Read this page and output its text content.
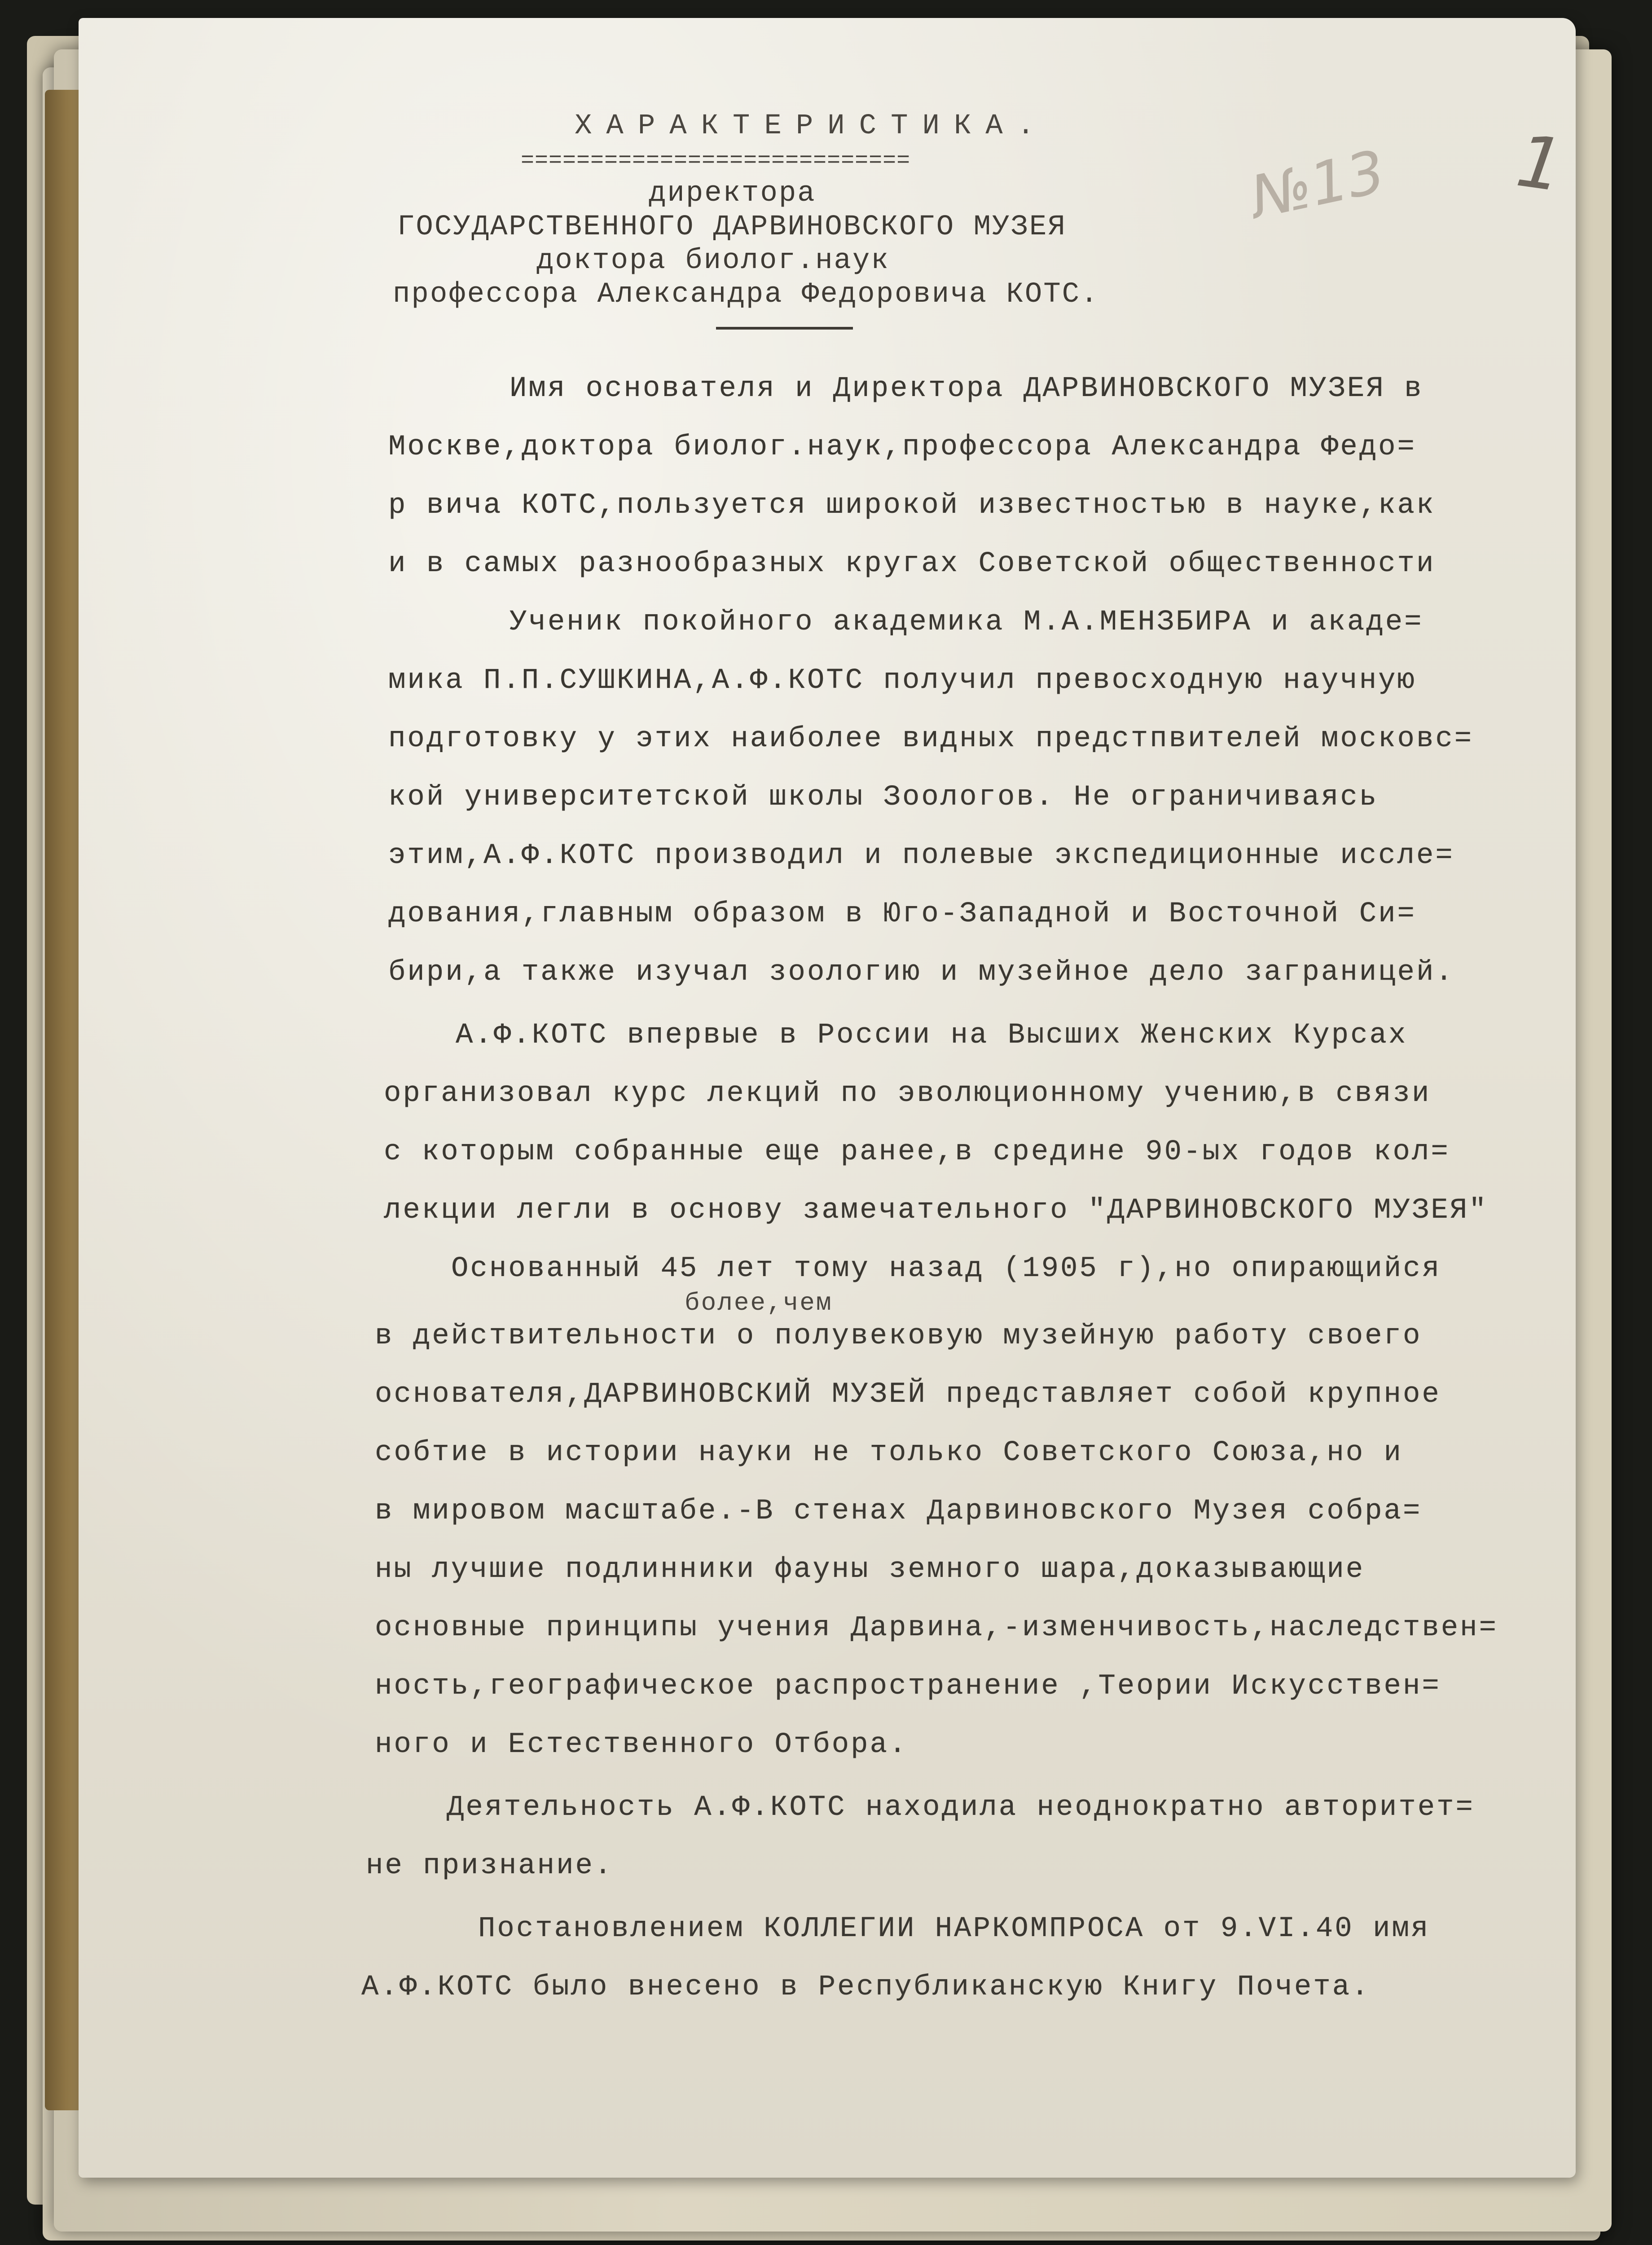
ХАРАКТЕРИСТИКА.
============================
директора
ГОСУДАРСТВЕННОГО ДАРВИНОВСКОГО МУЗЕЯ
доктора биолог.наук
профессора Александра Федоровича КОТС.
№13 1
Имя основателя и Директора ДАРВИНОВСКОГО МУЗЕЯ в
Москве,доктора биолог.наук,профессора Александра Федо=
р вича КОТС,пользуется широкой известностью в науке,как
и в самых разнообразных кругах Советской общественности
Ученик покойного академика М.А.МЕНЗБИРА и акаде=
мика П.П.СУШКИНА,А.Ф.КОТС получил превосходную научную
подготовку у этих наиболее видных предстпвителей московс=
кой университетской школы Зоологов. Не ограничиваясь
этим,А.Ф.КОТС производил и полевые экспедиционные иссле=
дования,главным образом в Юго-Западной и Восточной Си=
бири,а также изучал зоологию и музейное дело заграницей.
А.Ф.КОТС впервые в России на Высших Женских Курсах
организовал курс лекций по эволюционному учению,в связи
с которым собранные еще ранее,в средине 90-ых годов кол=
лекции легли в основу замечательного "ДАРВИНОВСКОГО МУЗЕЯ"
Основанный 45 лет тому назад (1905 г),но опирающийся
более,чем
в действительности о полувековую музейную работу своего
основателя,ДАРВИНОВСКИЙ МУЗЕЙ представляет собой крупное
собтие в истории науки не только Советского Союза,но и
в мировом масштабе.-В стенах Дарвиновского Музея собра=
ны лучшие подлинники фауны земного шара,доказывающие
основные принципы учения Дарвина,-изменчивость,наследствен=
ность,географическое распространение ,Теории Искусствен=
ного и Естественного Отбора.
Деятельность А.Ф.КОТС находила неоднократно авторитет=
не признание.
Постановлением КОЛЛЕГИИ НАРКОМПРОСА от 9.VI.40 имя
А.Ф.КОТС было внесено в Республиканскую Книгу Почета.
